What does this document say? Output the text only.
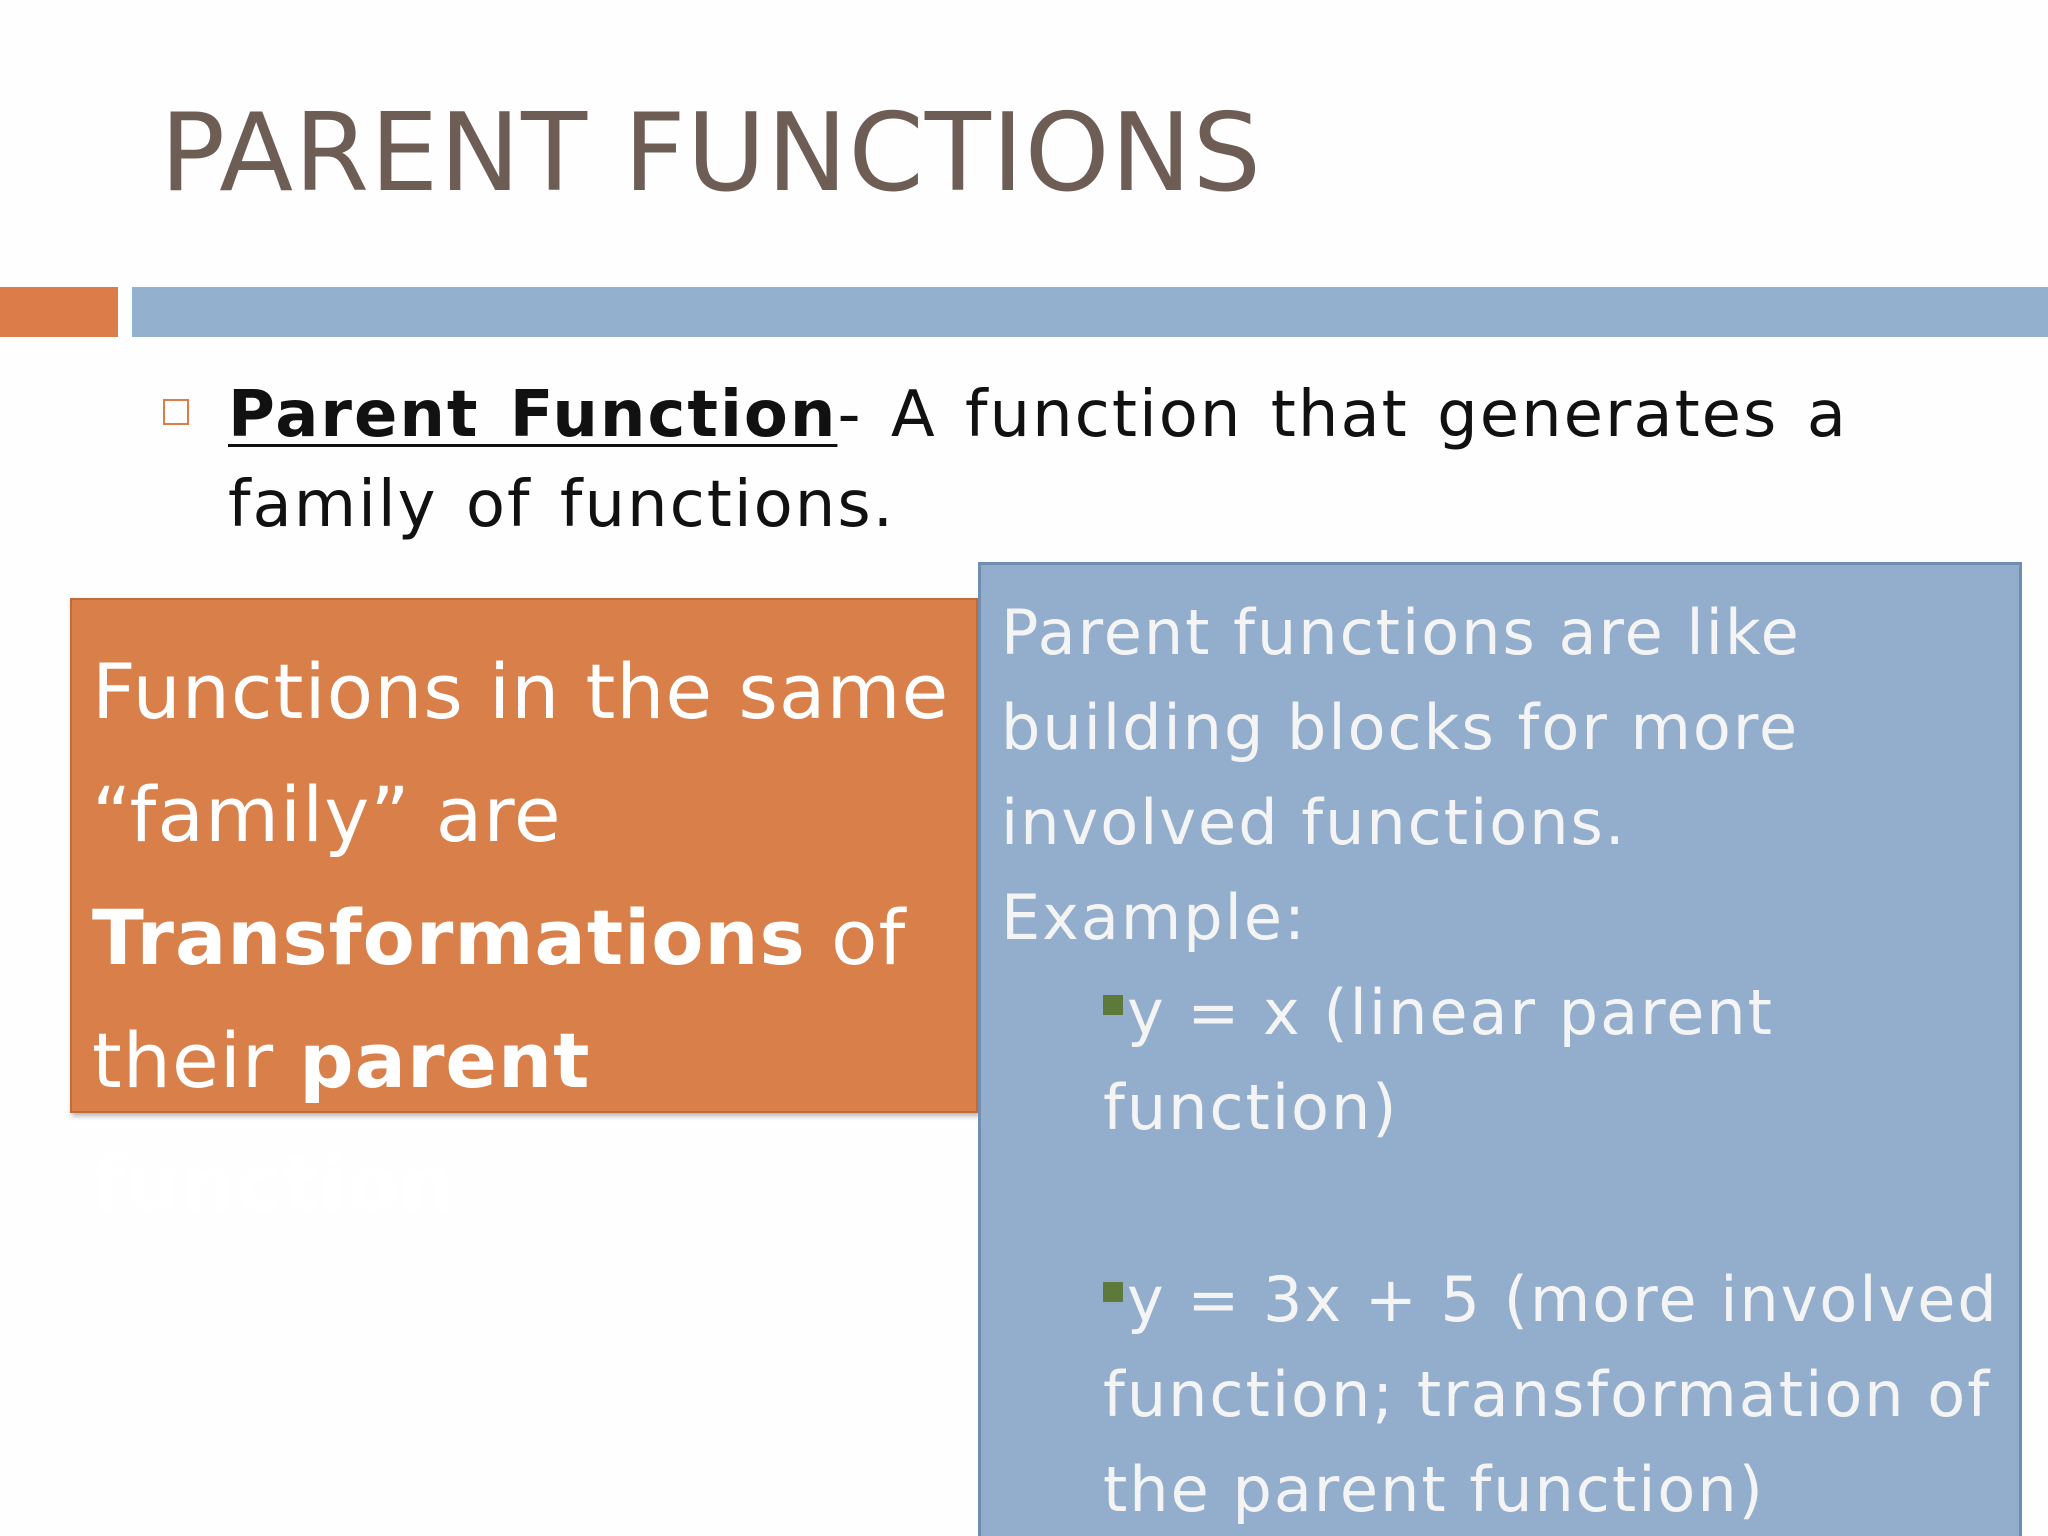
PARENT FUNCTIONS
Parent Function- A function that generates a family of functions.
Functions in the same “family” are Transformations of their parent function
Parent functions are like building blocks for more involved functions.
Example:
y = x (linear parent function)
y = 3x + 5 (more involved function; transformation of the parent function)
